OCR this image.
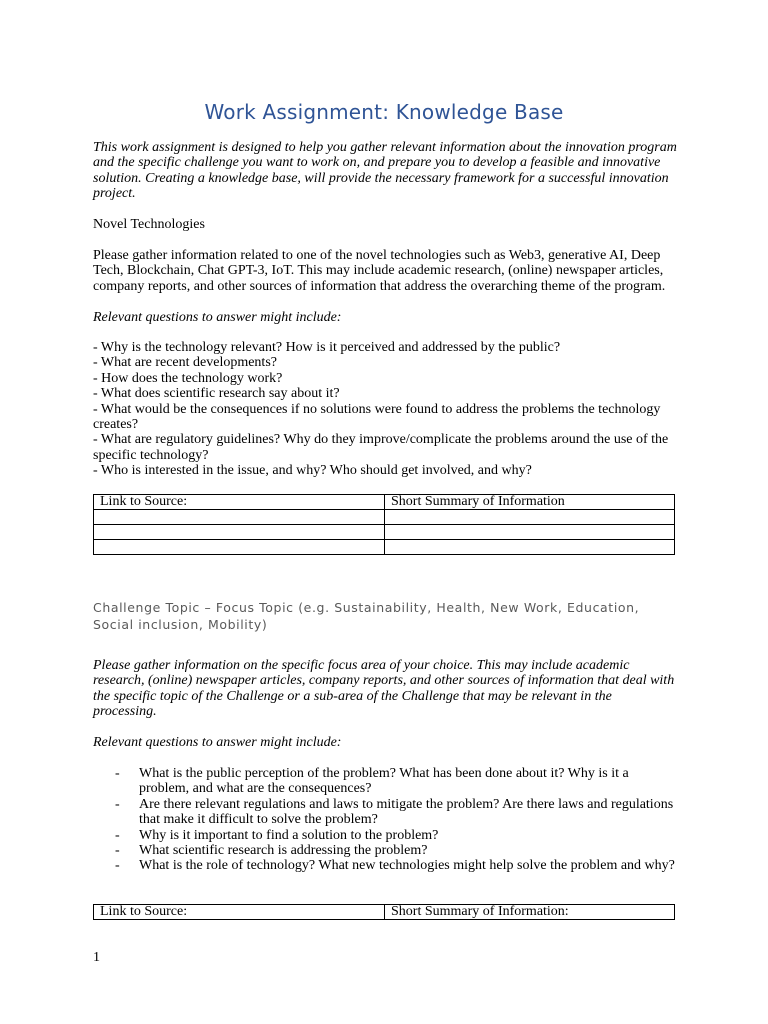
Work Assignment: Knowledge Base

This work assignment is designed to help you gather relevant information about the innovation program and the specific challenge you want to work on, and prepare you to develop a feasible and innovative solution. Creating a knowledge base, will provide the necessary framework for a successful innovation project.

Novel Technologies

Please gather information related to one of the novel technologies such as Web3, generative AI, Deep Tech, Blockchain, Chat GPT-3, IoT. This may include academic research, (online) newspaper articles, company reports, and other sources of information that address the overarching theme of the program.

Relevant questions to answer might include:

- Why is the technology relevant? How is it perceived and addressed by the public?
- What are recent developments?
- How does the technology work?
- What does scientific research say about it?
- What would be the consequences if no solutions were found to address the problems the technology creates?
- What are regulatory guidelines? Why do they improve/complicate the problems around the use of the specific technology?
- Who is interested in the issue, and why? Who should get involved, and why?
Link to Source:	Short Summary of Information

Challenge Topic – Focus Topic (e.g. Sustainability, Health, New Work, Education, Social inclusion, Mobility)

Please gather information on the specific focus area of your choice. This may include academic research, (online) newspaper articles, company reports, and other sources of information that deal with the specific topic of the Challenge or a sub-area of the Challenge that may be relevant in the processing.

Relevant questions to answer might include:

- What is the public perception of the problem? What has been done about it? Why is it a problem, and what are the consequences?
- Are there relevant regulations and laws to mitigate the problem? Are there laws and regulations that make it difficult to solve the problem?
- Why is it important to find a solution to the problem?
- What scientific research is addressing the problem?
- What is the role of technology? What new technologies might help solve the problem and why?
Link to Source:	Short Summary of Information:
1
